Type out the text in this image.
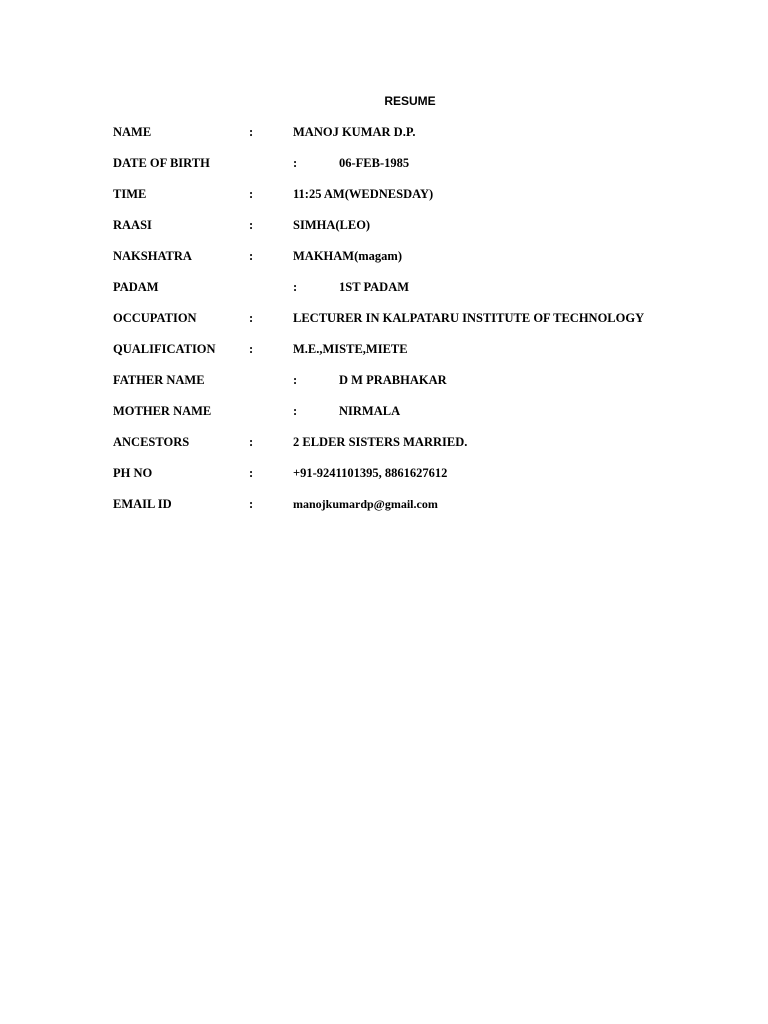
RESUME
NAME	:	MANOJ KUMAR D.P.
DATE OF BIRTH	:	06-FEB-1985
TIME	:	11:25 AM(WEDNESDAY)
RAASI	:	SIMHA(LEO)
NAKSHATRA	:	MAKHAM(magam)
PADAM	:	1ST PADAM
OCCUPATION	:	LECTURER IN KALPATARU INSTITUTE OF TECHNOLOGY
QUALIFICATION	:	M.E.,MISTE,MIETE
FATHER NAME	:	D M PRABHAKAR
MOTHER NAME	:	NIRMALA
ANCESTORS	:	2 ELDER SISTERS MARRIED.
PH NO	:	+91-9241101395, 8861627612
EMAIL ID	:	manojkumardp@gmail.com
